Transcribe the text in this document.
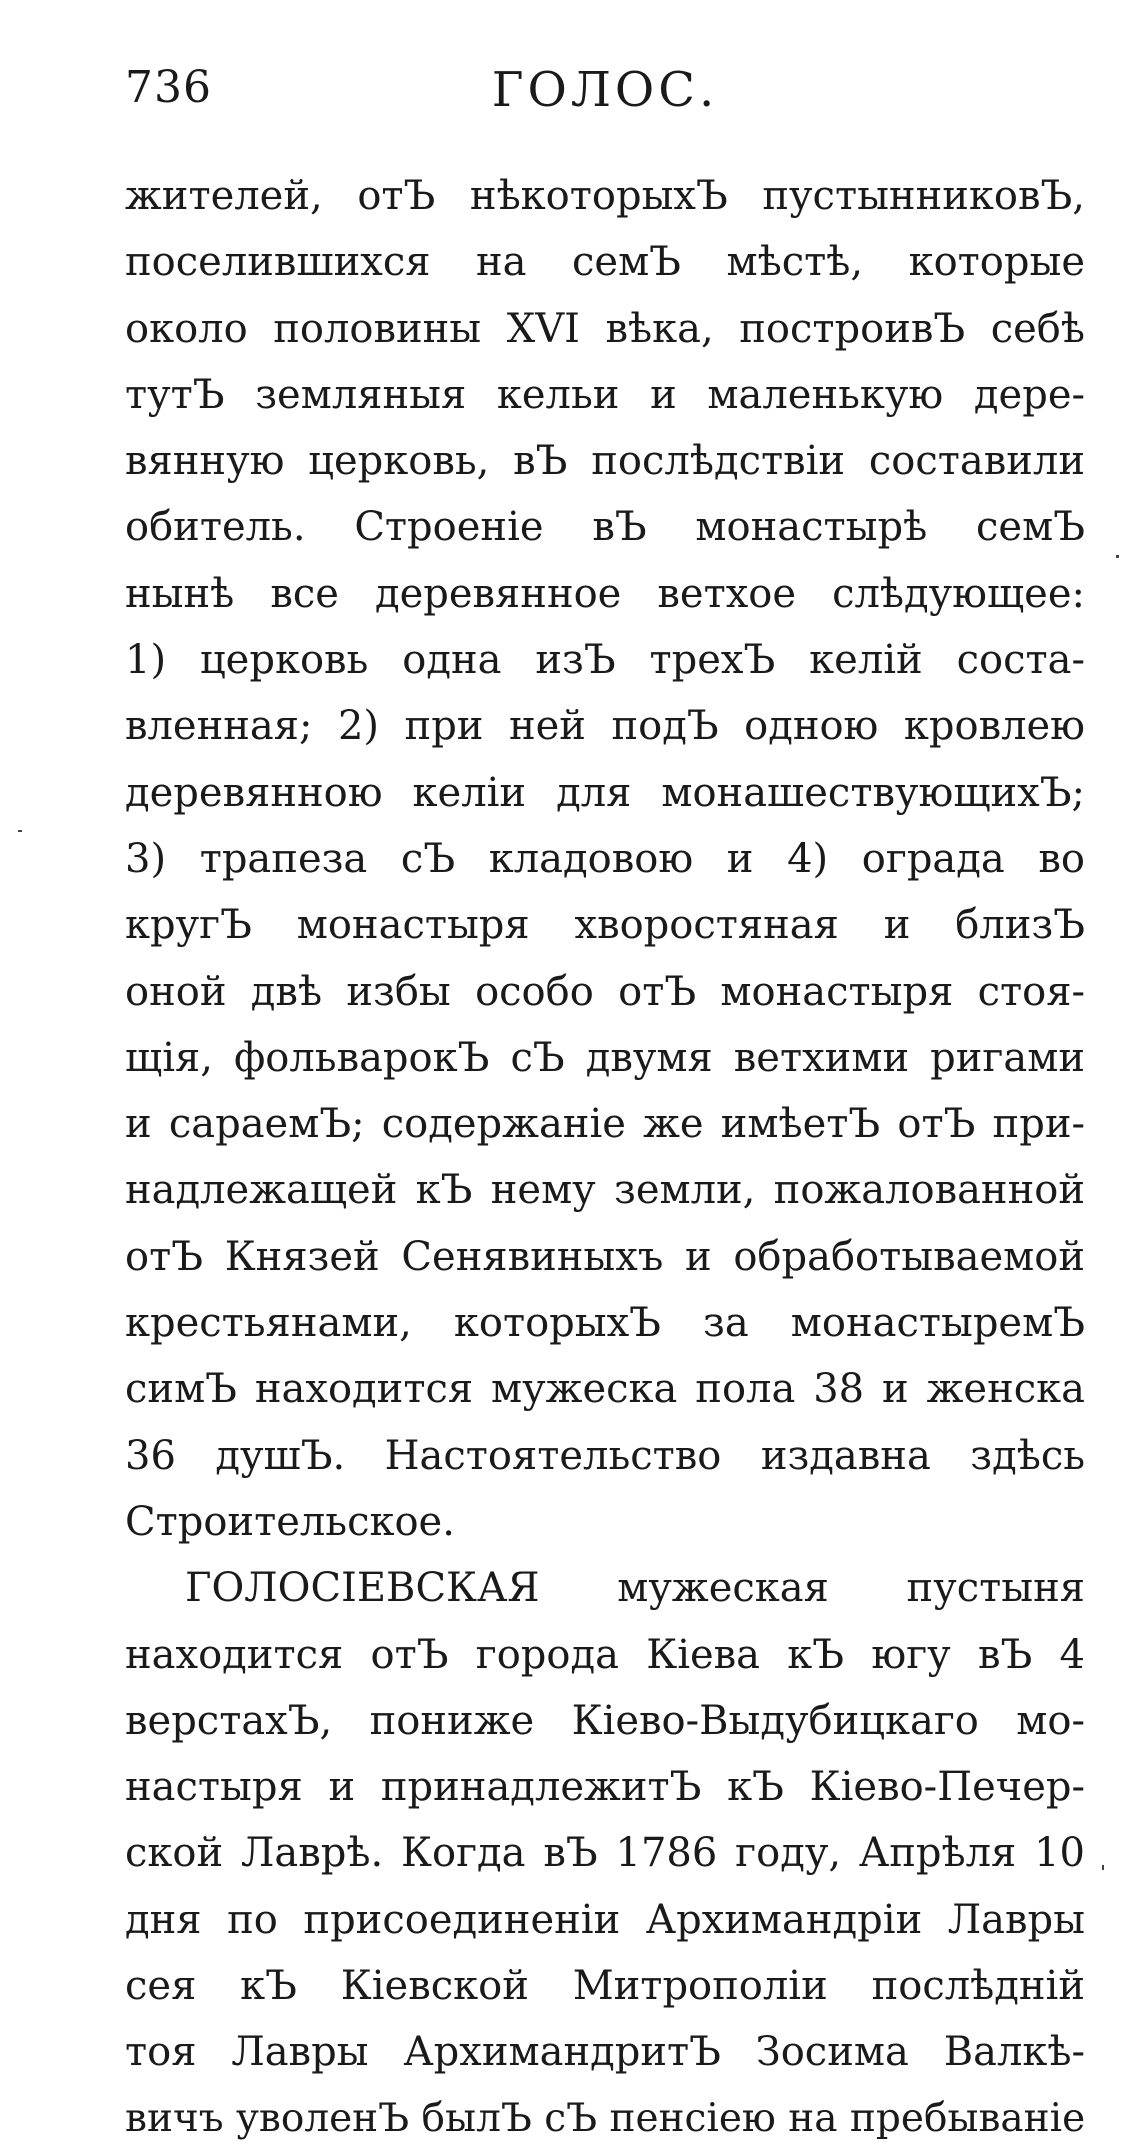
ГОЛОС.
736
жителей, отЪ нѣкоторыхЪ пустынниковЪ,
поселившихся на семЪ мѣстѣ, которые
около половины XVI вѣка, построивЪ себѣ
тутЪ земляныя кельи и маленькую дере-
вянную церковь, вЪ послѣдствіи составили
обитель. Строеніе вЪ монастырѣ семЪ
нынѣ все деревянное ветхое слѣдующее:
1) церковь одна изЪ трехЪ келій соста-
вленная; 2) при ней подЪ одною кровлею
деревянною келіи для монашествующихЪ;
3) трапеза сЪ кладовою и 4) ограда во
кругЪ монастыря хворостяная и близЪ
оной двѣ избы особо отЪ монастыря стоя-
щія, фольварокЪ сЪ двумя ветхими ригами
и сараемЪ; содержаніе же имѣетЪ отЪ при-
надлежащей кЪ нему земли, пожалованной
отЪ Князей Сенявиныхъ и обработываемой
крестьянами, которыхЪ за монастыремЪ
симЪ находится мужеска пола 38 и женска
36 душЪ. Настоятельство издавна здѣсь
Строительское.
ГОЛОСІЕВСКАЯ мужеская пустыня
находится отЪ города Кіева кЪ югу вЪ 4
верстахЪ, пониже Кіево-Выдубицкаго мо-
настыря и принадлежитЪ кЪ Кіево-Печер-
ской Лаврѣ. Когда вЪ 1786 году, Апрѣля 10
дня по присоединеніи Архимандріи Лавры
сея кЪ Кіевской Митрополіи послѣдній
тоя Лавры АрхимандритЪ Зосима Валкѣ-
вичъ уволенЪ былЪ сЪ пенсіею на пребываніе
